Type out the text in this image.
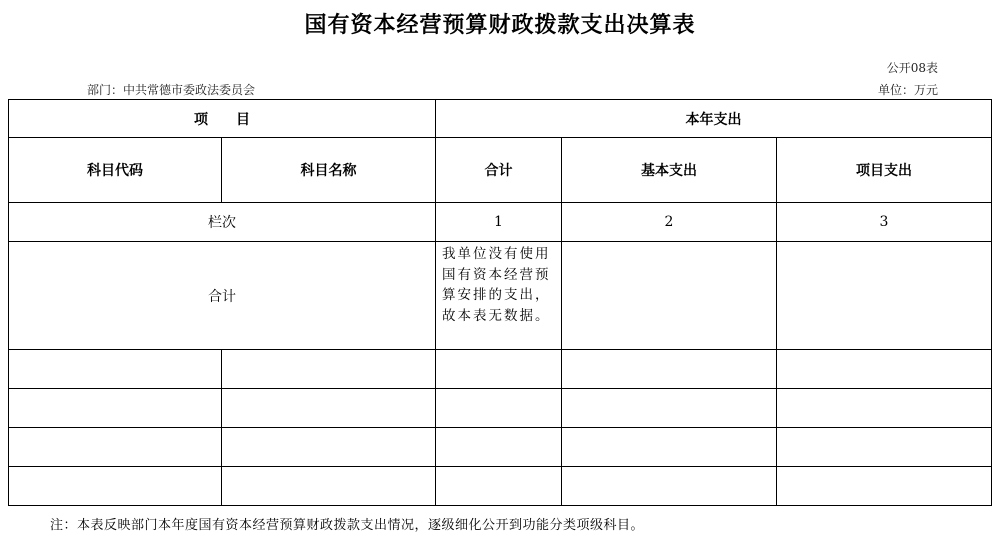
国有资本经营预算财政拨款支出决算表
公开08表
部门：中共常德市委政法委员会	单位：万元
项　　目		本年支出		
科目代码	科目名称	合计	基本支出	项目支出
栏次		1	2	3
合计		我单位没有使用国有资本经营预算安排的支出，故本表无数据。		

注：本表反映部门本年度国有资本经营预算财政拨款支出情况，逐级细化公开到功能分类项级科目。
